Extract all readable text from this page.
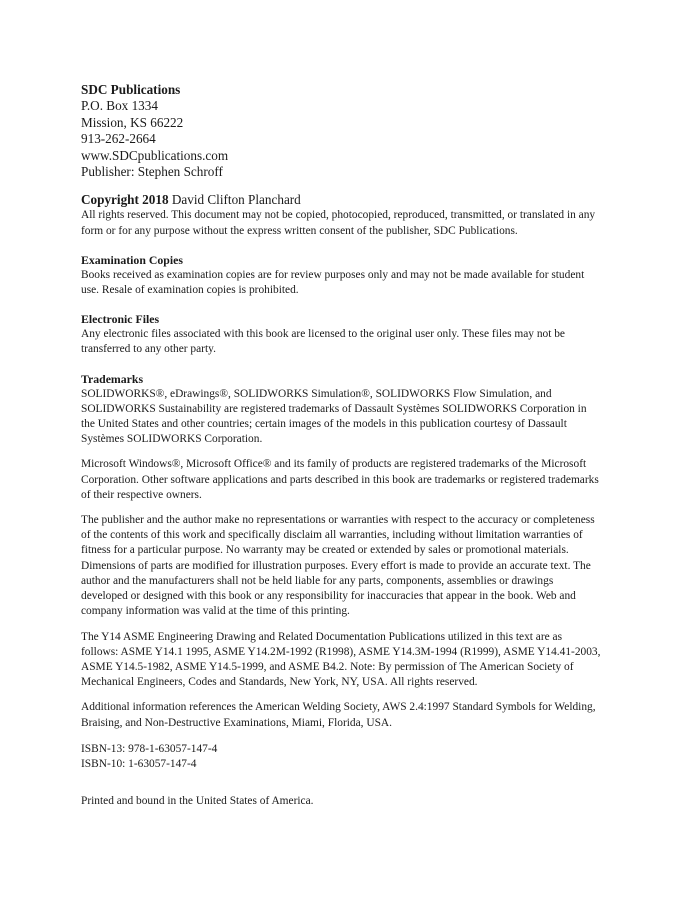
SDC Publications
P.O. Box 1334
Mission, KS 66222
913-262-2664
www.SDCpublications.com
Publisher: Stephen Schroff
Copyright 2018 David Clifton Planchard
All rights reserved. This document may not be copied, photocopied, reproduced, transmitted, or translated in any form or for any purpose without the express written consent of the publisher, SDC Publications.
Examination Copies
Books received as examination copies are for review purposes only and may not be made available for student use. Resale of examination copies is prohibited.
Electronic Files
Any electronic files associated with this book are licensed to the original user only. These files may not be transferred to any other party.
Trademarks
SOLIDWORKS®, eDrawings®, SOLIDWORKS Simulation®, SOLIDWORKS Flow Simulation, and SOLIDWORKS Sustainability are registered trademarks of Dassault Systèmes SOLIDWORKS Corporation in the United States and other countries; certain images of the models in this publication courtesy of Dassault Systèmes SOLIDWORKS Corporation.
Microsoft Windows®, Microsoft Office® and its family of products are registered trademarks of the Microsoft Corporation. Other software applications and parts described in this book are trademarks or registered trademarks of their respective owners.
The publisher and the author make no representations or warranties with respect to the accuracy or completeness of the contents of this work and specifically disclaim all warranties, including without limitation warranties of fitness for a particular purpose. No warranty may be created or extended by sales or promotional materials. Dimensions of parts are modified for illustration purposes. Every effort is made to provide an accurate text. The author and the manufacturers shall not be held liable for any parts, components, assemblies or drawings developed or designed with this book or any responsibility for inaccuracies that appear in the book. Web and company information was valid at the time of this printing.
The Y14 ASME Engineering Drawing and Related Documentation Publications utilized in this text are as follows: ASME Y14.1 1995, ASME Y14.2M-1992 (R1998), ASME Y14.3M-1994 (R1999), ASME Y14.41-2003, ASME Y14.5-1982, ASME Y14.5-1999, and ASME B4.2. Note: By permission of The American Society of Mechanical Engineers, Codes and Standards, New York, NY, USA. All rights reserved.
Additional information references the American Welding Society, AWS 2.4:1997 Standard Symbols for Welding, Braising, and Non-Destructive Examinations, Miami, Florida, USA.
ISBN-13: 978-1-63057-147-4
ISBN-10: 1-63057-147-4
Printed and bound in the United States of America.
